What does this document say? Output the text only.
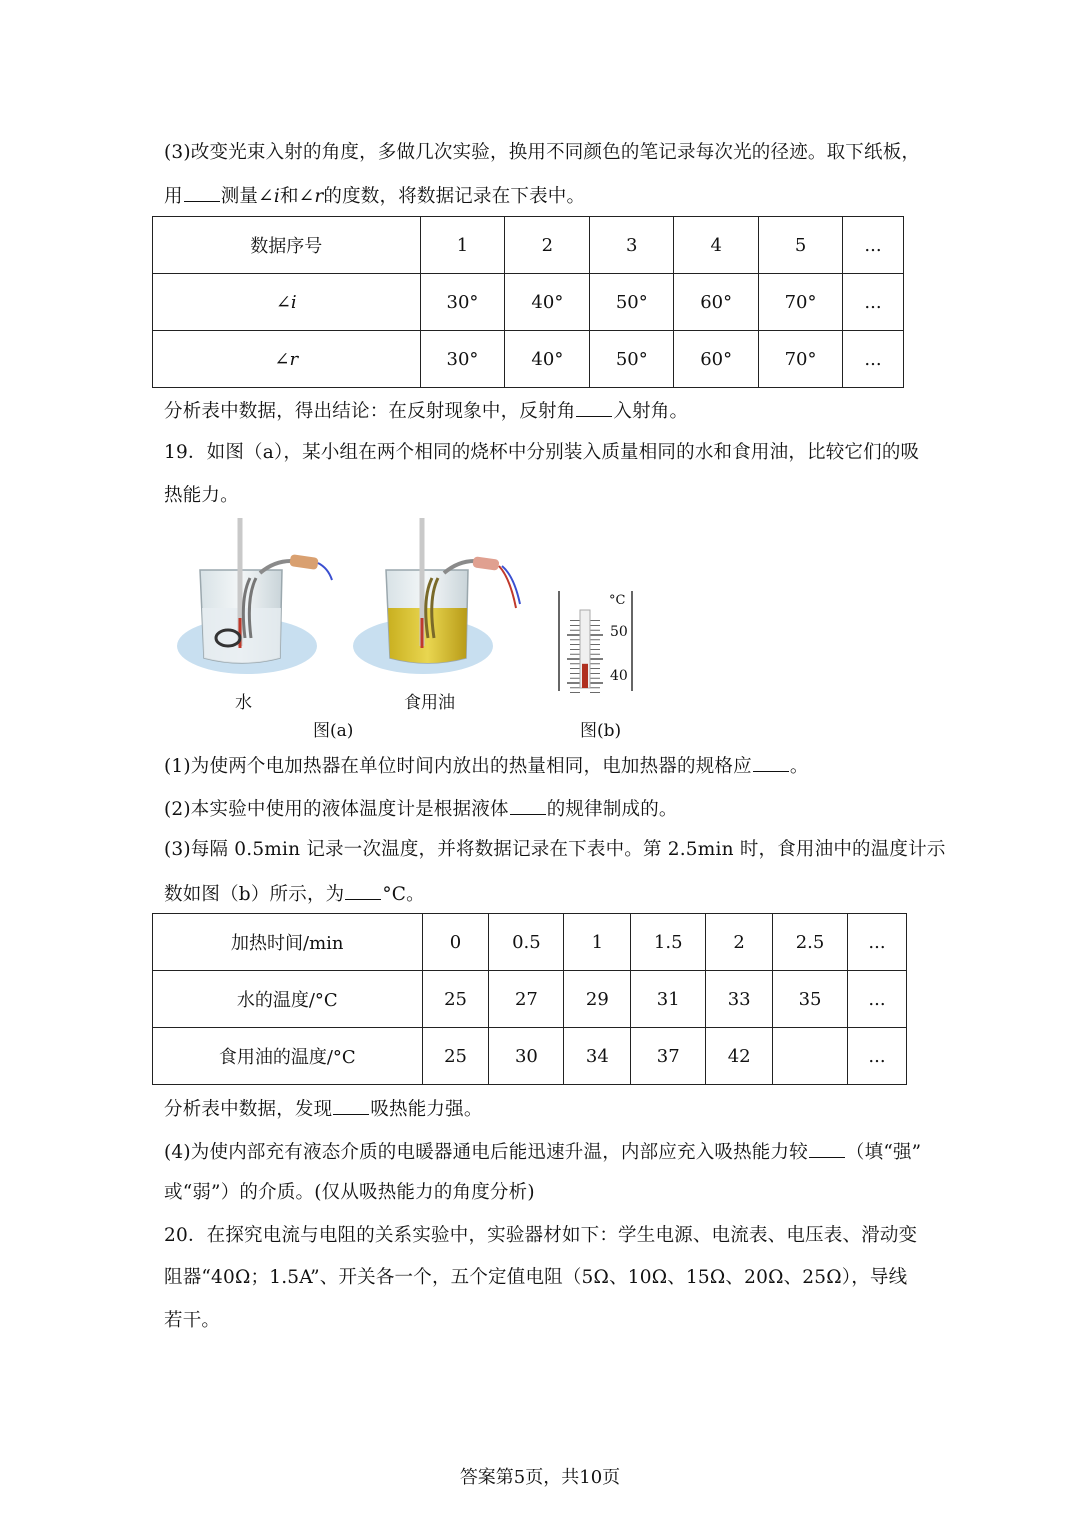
(3)改变光束入射的角度，多做几次实验，换用不同颜色的笔记录每次光的径迹。取下纸板，
用 测量∠i和∠r的度数，将数据记录在下表中。
数据序号	1	2	3	4	5	...
∠i	30°	40°	50°	60°	70°	...
∠r	30°	40°	50°	60°	70°	...
分析表中数据，得出结论：在反射现象中，反射角 入射角。
19．如图（a），某小组在两个相同的烧杯中分别装入质量相同的水和食用油，比较它们的吸
热能力。
°C
50
40
水	食用油
图(a)	图(b)
(1)为使两个电加热器在单位时间内放出的热量相同，电加热器的规格应 。
(2)本实验中使用的液体温度计是根据液体 的规律制成的。
(3)每隔 0.5min 记录一次温度，并将数据记录在下表中。第 2.5min 时，食用油中的温度计示
数如图（b）所示，为 °C。
加热时间/min	0	0.5	1	1.5	2	2.5	...
水的温度/°C	25	27	29	31	33	35	...
食用油的温度/°C	25	30	34	37	42		...
分析表中数据，发现 吸热能力强。
(4)为使内部充有液态介质的电暖器通电后能迅速升温，内部应充入吸热能力较 （填“强”
或“弱”）的介质。(仅从吸热能力的角度分析)
20．在探究电流与电阻的关系实验中，实验器材如下：学生电源、电流表、电压表、滑动变
阻器“40Ω；1.5A”、开关各一个，五个定值电阻（5Ω、10Ω、15Ω、20Ω、25Ω），导线
若干。
答案第5页，共10页
